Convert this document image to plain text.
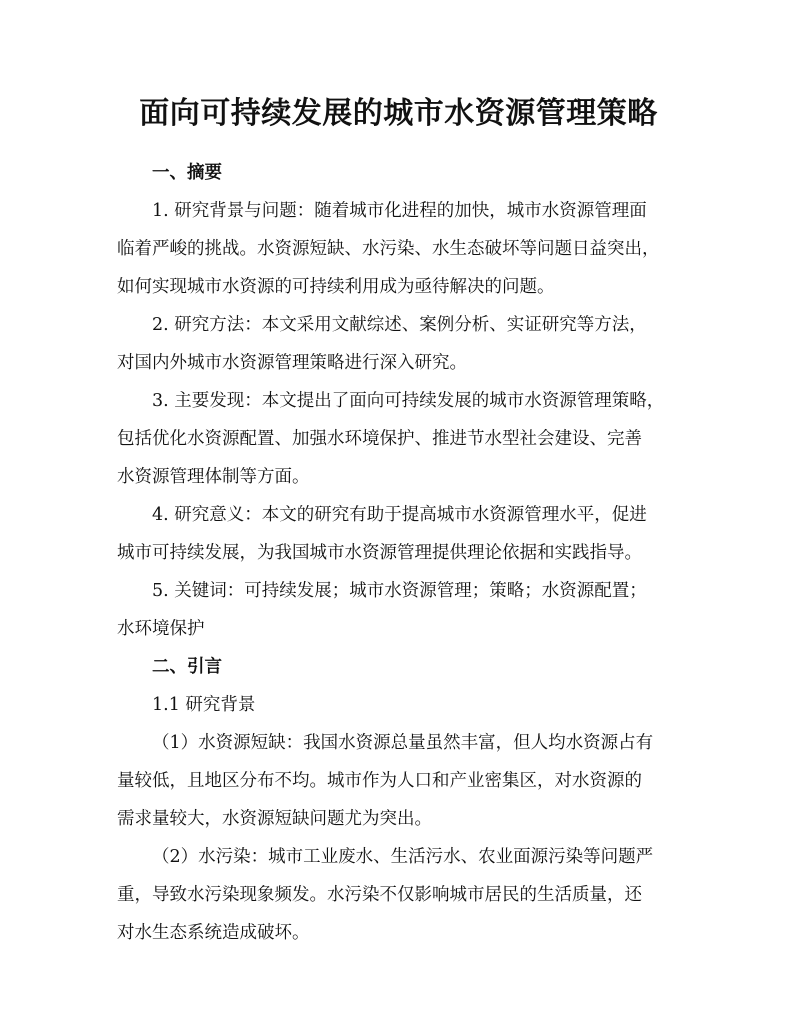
面向可持续发展的城市水资源管理策略
一、摘要

1. 研究背景与问题：随着城市化进程的加快，城市水资源管理面
临着严峻的挑战。水资源短缺、水污染、水生态破坏等问题日益突出，
如何实现城市水资源的可持续利用成为亟待解决的问题。

2. 研究方法：本文采用文献综述、案例分析、实证研究等方法，
对国内外城市水资源管理策略进行深入研究。

3. 主要发现：本文提出了面向可持续发展的城市水资源管理策略，
包括优化水资源配置、加强水环境保护、推进节水型社会建设、完善
水资源管理体制等方面。

4. 研究意义：本文的研究有助于提高城市水资源管理水平，促进
城市可持续发展，为我国城市水资源管理提供理论依据和实践指导。

5. 关键词：可持续发展；城市水资源管理；策略；水资源配置；
水环境保护

二、引言

1.1 研究背景

（1）水资源短缺：我国水资源总量虽然丰富，但人均水资源占有
量较低，且地区分布不均。城市作为人口和产业密集区，对水资源的
需求量较大，水资源短缺问题尤为突出。

（2）水污染：城市工业废水、生活污水、农业面源污染等问题严
重，导致水污染现象频发。水污染不仅影响城市居民的生活质量，还
对水生态系统造成破坏。
